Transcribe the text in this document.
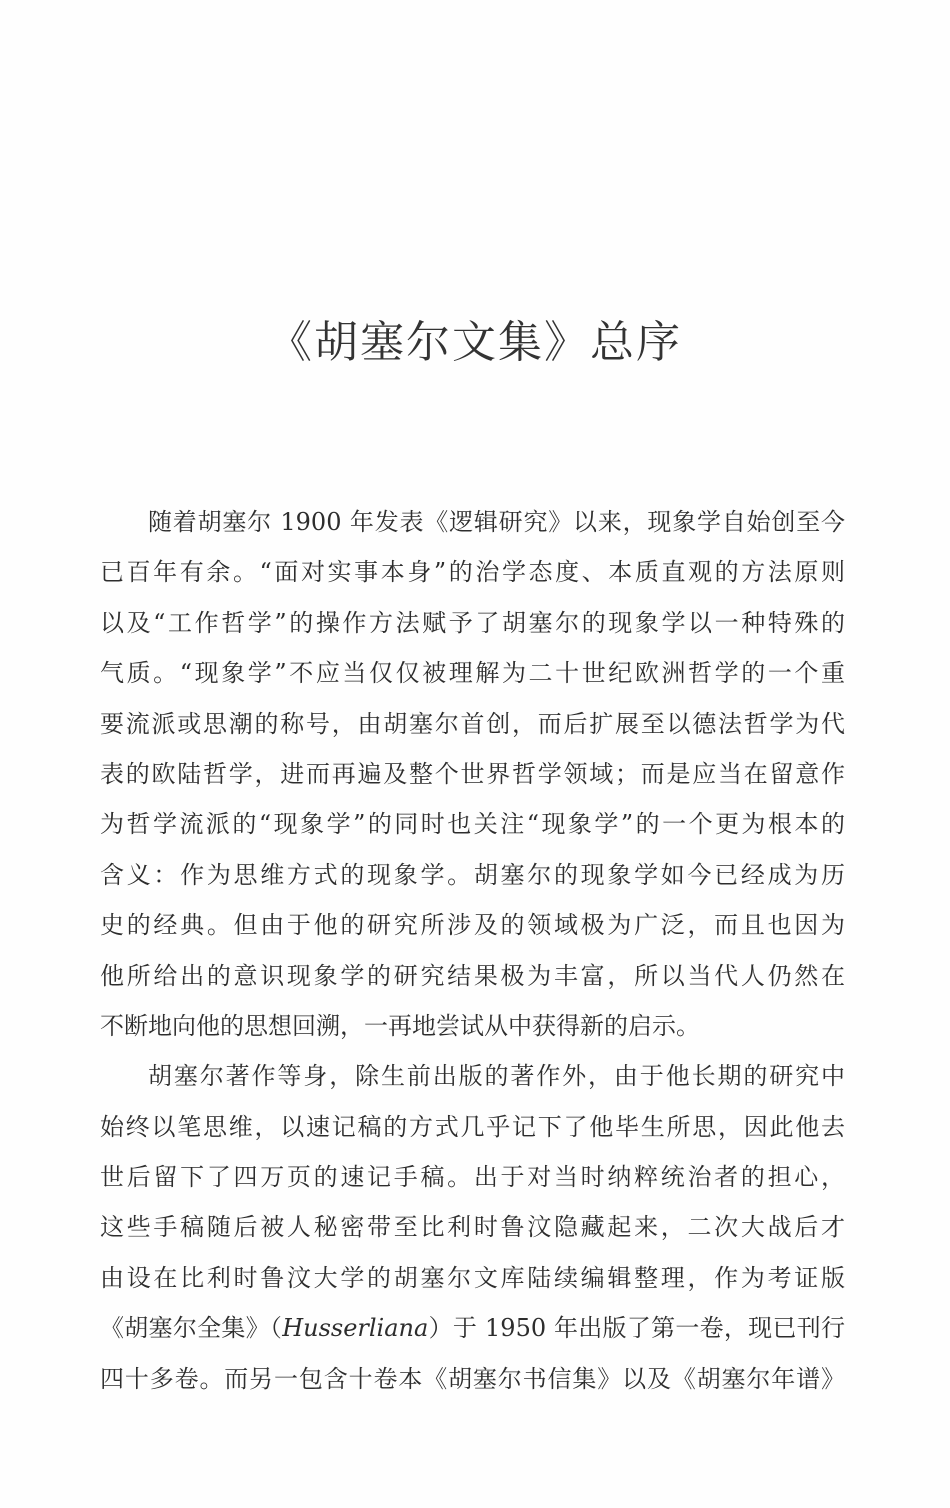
《胡塞尔文集》总序
随着胡塞尔 1900 年发表《逻辑研究》以来，现象学自始创至今
已百年有余。“面对实事本身”的治学态度、本质直观的方法原则
以及“工作哲学”的操作方法赋予了胡塞尔的现象学以一种特殊的
气质。“现象学”不应当仅仅被理解为二十世纪欧洲哲学的一个重
要流派或思潮的称号，由胡塞尔首创，而后扩展至以德法哲学为代
表的欧陆哲学，进而再遍及整个世界哲学领域；而是应当在留意作
为哲学流派的“现象学”的同时也关注“现象学”的一个更为根本的
含义：作为思维方式的现象学。胡塞尔的现象学如今已经成为历
史的经典。但由于他的研究所涉及的领域极为广泛，而且也因为
他所给出的意识现象学的研究结果极为丰富，所以当代人仍然在
不断地向他的思想回溯，一再地尝试从中获得新的启示。
胡塞尔著作等身，除生前出版的著作外，由于他长期的研究中
始终以笔思维，以速记稿的方式几乎记下了他毕生所思，因此他去
世后留下了四万页的速记手稿。出于对当时纳粹统治者的担心，
这些手稿随后被人秘密带至比利时鲁汶隐藏起来，二次大战后才
由设在比利时鲁汶大学的胡塞尔文库陆续编辑整理，作为考证版
《胡塞尔全集》（Husserliana）于 1950 年出版了第一卷，现已刊行
四十多卷。而另一包含十卷本《胡塞尔书信集》以及《胡塞尔年谱》
